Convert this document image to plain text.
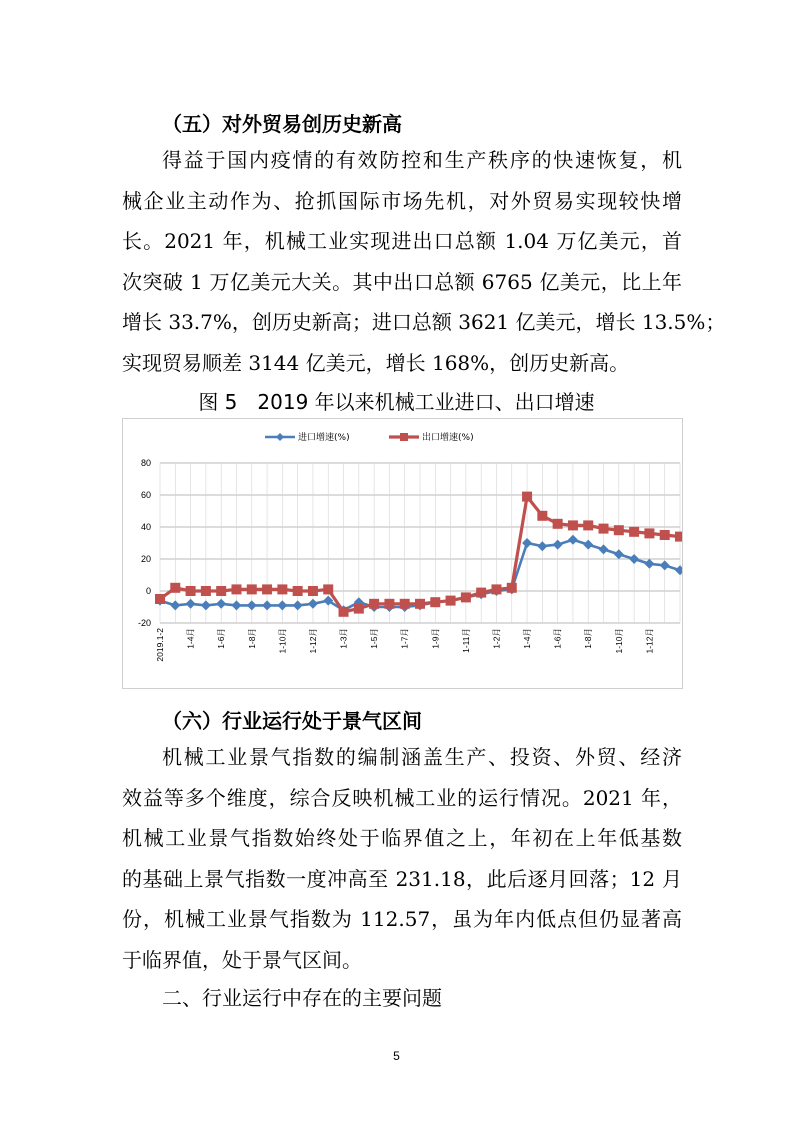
（五）对外贸易创历史新高
得益于国内疫情的有效防控和生产秩序的快速恢复，机
械企业主动作为、抢抓国际市场先机，对外贸易实现较快增
长。2021 年，机械工业实现进出口总额 1.04 万亿美元，首
次突破 1 万亿美元大关。其中出口总额 6765 亿美元，比上年
增长 33.7%，创历史新高；进口总额 3621 亿美元，增长 13.5%；
实现贸易顺差 3144 亿美元，增长 168%，创历史新高。
图 5　2019 年以来机械工业进口、出口增速
80
60
40
20
0
-20
2019.1-2 1-4月 1-6月 1-8月 1-10月 1-12月 1-3月 1-5月 1-7月 1-9月 1-11月 1-2月 1-4月 1-6月 1-8月 1-10月 1-12月
进口增速(%)	出口增速(%)
（六）行业运行处于景气区间
机械工业景气指数的编制涵盖生产、投资、外贸、经济
效益等多个维度，综合反映机械工业的运行情况。2021 年，
机械工业景气指数始终处于临界值之上，年初在上年低基数
的基础上景气指数一度冲高至 231.18，此后逐月回落；12 月
份，机械工业景气指数为 112.57，虽为年内低点但仍显著高
于临界值，处于景气区间。
二、行业运行中存在的主要问题
5
